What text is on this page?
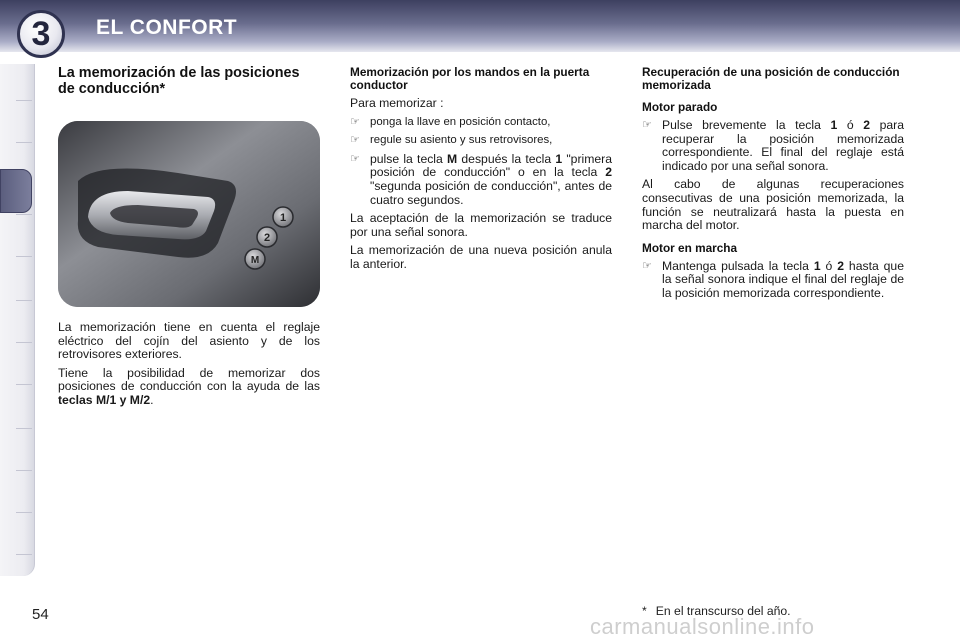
3	EL CONFORT
La memorización de las posiciones de conducción*
1
2
M

La memorización tiene en cuenta el reglaje eléctrico del cojín del asiento y de los retrovisores exteriores.

Tiene la posibilidad de memorizar dos posiciones de conducción con la ayuda de las teclas M/1 y M/2.

Memorización por los mandos en la puerta conductor

Para memorizar :

☞ ponga la llave en posición contacto,
☞ regule su asiento y sus retrovisores,
☞ pulse la tecla M después la tecla 1 "primera posición de conducción" o en la tecla 2 "segunda posición de conducción", antes de cuatro segundos.

La aceptación de la memorización se traduce por una señal sonora.

La memorización de una nueva posición anula la anterior.

Recuperación de una posición de conducción memorizada
Motor parado
☞ Pulse brevemente la tecla 1 ó 2 para recuperar la posición memorizada correspondiente. El final del reglaje está indicado por una señal sonora.

Al cabo de algunas recuperaciones consecutivas de una posición memorizada, la función se neutralizará hasta la puesta en marcha del motor.

Motor en marcha
☞ Mantenga pulsada la tecla 1 ó 2 hasta que la señal sonora indique el final del reglaje de la posición memorizada correspondiente.
54	carmanualsonline.info
* En el transcurso del año.
